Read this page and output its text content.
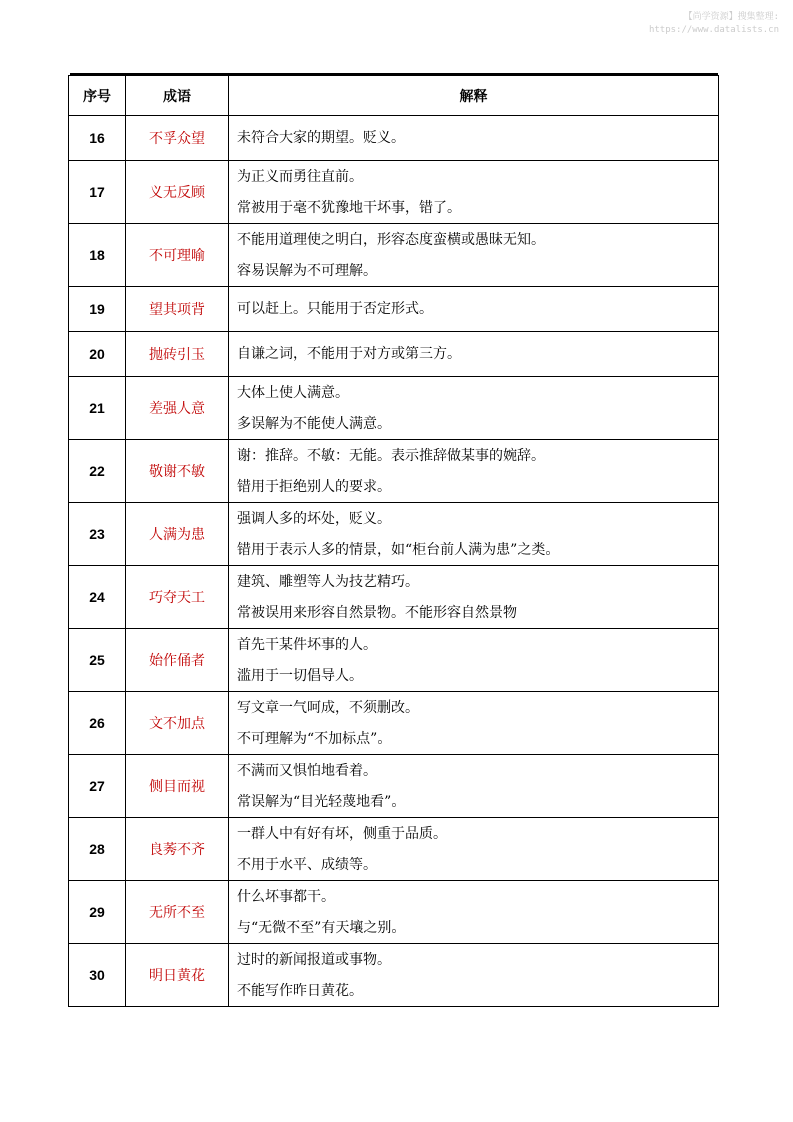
【尚学资源】搜集整理:
https://www.datalists.cn
序号	成语	解释
16	不孚众望	未符合大家的期望。贬义。

17	义无反顾	为正义而勇往直前。
常被用于毫不犹豫地干坏事，错了。

18	不可理喻	不能用道理使之明白，形容态度蛮横或愚昧无知。
容易误解为不可理解。

19	望其项背	可以赶上。只能用于否定形式。

20	抛砖引玉	自谦之词，不能用于对方或第三方。

21	差强人意	大体上使人满意。
多误解为不能使人满意。

22	敬谢不敏	谢：推辞。不敏：无能。表示推辞做某事的婉辞。
错用于拒绝别人的要求。

23	人满为患	强调人多的坏处，贬义。
错用于表示人多的情景，如“柜台前人满为患”之类。

24	巧夺天工	建筑、雕塑等人为技艺精巧。
常被误用来形容自然景物。不能形容自然景物

25	始作俑者	首先干某件坏事的人。
滥用于一切倡导人。

26	文不加点	写文章一气呵成，不须删改。
不可理解为“不加标点”。

27	侧目而视	不满而又惧怕地看着。
常误解为“目光轻蔑地看”。

28	良莠不齐	一群人中有好有坏，侧重于品质。
不用于水平、成绩等。

29	无所不至	什么坏事都干。
与“无微不至”有天壤之别。

30	明日黄花	过时的新闻报道或事物。
不能写作昨日黄花。
